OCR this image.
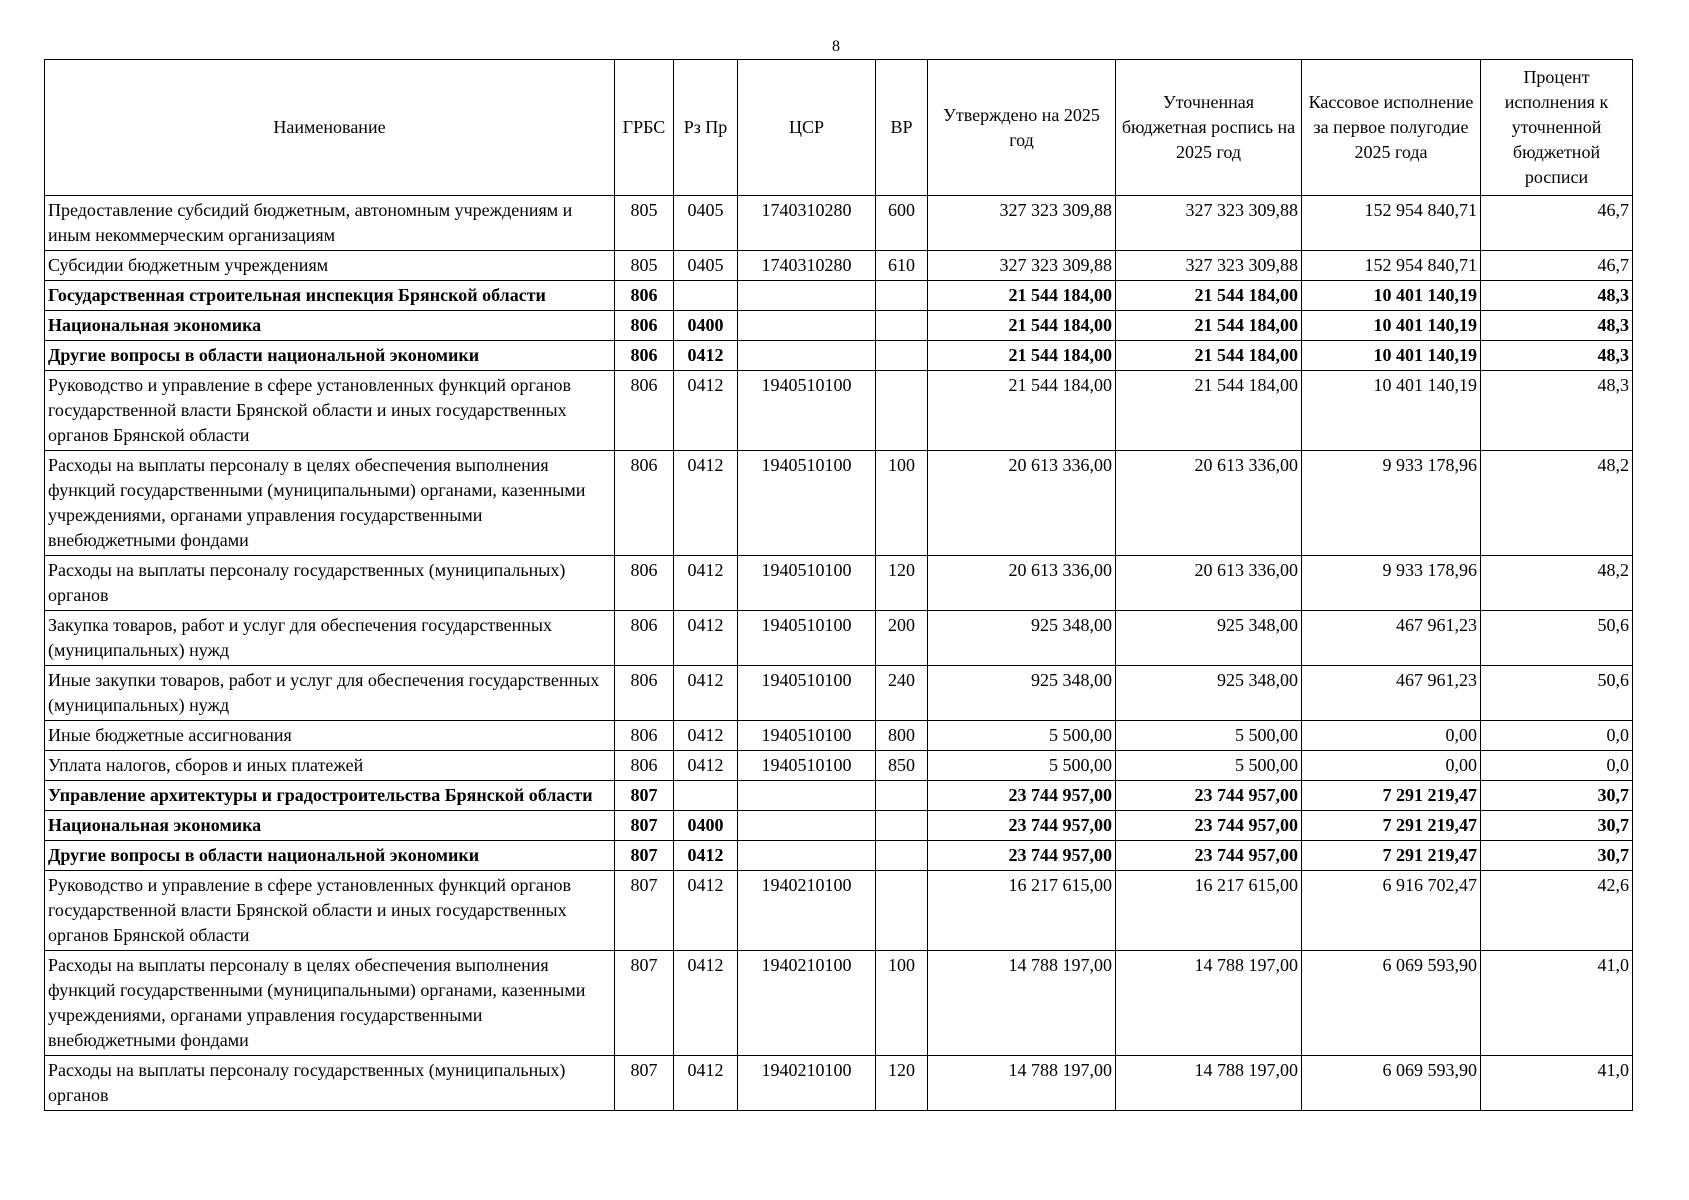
8
Наименование	ГРБС	Рз Пр	ЦСР	ВР	Утверждено на 2025 год	Уточненная бюджетная роспись на 2025 год	Кассовое исполнение за первое полугодие 2025 года	Процент исполнения к уточненной бюджетной росписи
Предоставление субсидий бюджетным, автономным учреждениям и иным некоммерческим организациям	805	0405	1740310280	600	327 323 309,88	327 323 309,88	152 954 840,71	46,7
Субсидии бюджетным учреждениям	805	0405	1740310280	610	327 323 309,88	327 323 309,88	152 954 840,71	46,7
Государственная строительная инспекция Брянской области	806				21 544 184,00	21 544 184,00	10 401 140,19	48,3
Национальная экономика	806	0400			21 544 184,00	21 544 184,00	10 401 140,19	48,3
Другие вопросы в области национальной экономики	806	0412			21 544 184,00	21 544 184,00	10 401 140,19	48,3
Руководство и управление в сфере установленных функций органов государственной власти Брянской области и иных государственных органов Брянской области	806	0412	1940510100		21 544 184,00	21 544 184,00	10 401 140,19	48,3
Расходы на выплаты персоналу в целях обеспечения выполнения функций государственными (муниципальными) органами, казенными учреждениями, органами управления государственными внебюджетными фондами	806	0412	1940510100	100	20 613 336,00	20 613 336,00	9 933 178,96	48,2
Расходы на выплаты персоналу государственных (муниципальных) органов	806	0412	1940510100	120	20 613 336,00	20 613 336,00	9 933 178,96	48,2
Закупка товаров, работ и услуг для обеспечения государственных (муниципальных) нужд	806	0412	1940510100	200	925 348,00	925 348,00	467 961,23	50,6
Иные закупки товаров, работ и услуг для обеспечения государственных (муниципальных) нужд	806	0412	1940510100	240	925 348,00	925 348,00	467 961,23	50,6
Иные бюджетные ассигнования	806	0412	1940510100	800	5 500,00	5 500,00	0,00	0,0
Уплата налогов, сборов и иных платежей	806	0412	1940510100	850	5 500,00	5 500,00	0,00	0,0
Управление архитектуры и градостроительства Брянской области	807				23 744 957,00	23 744 957,00	7 291 219,47	30,7
Национальная экономика	807	0400			23 744 957,00	23 744 957,00	7 291 219,47	30,7
Другие вопросы в области национальной экономики	807	0412			23 744 957,00	23 744 957,00	7 291 219,47	30,7
Руководство и управление в сфере установленных функций органов государственной власти Брянской области и иных государственных органов Брянской области	807	0412	1940210100		16 217 615,00	16 217 615,00	6 916 702,47	42,6
Расходы на выплаты персоналу в целях обеспечения выполнения функций государственными (муниципальными) органами, казенными учреждениями, органами управления государственными внебюджетными фондами	807	0412	1940210100	100	14 788 197,00	14 788 197,00	6 069 593,90	41,0
Расходы на выплаты персоналу государственных (муниципальных) органов	807	0412	1940210100	120	14 788 197,00	14 788 197,00	6 069 593,90	41,0
